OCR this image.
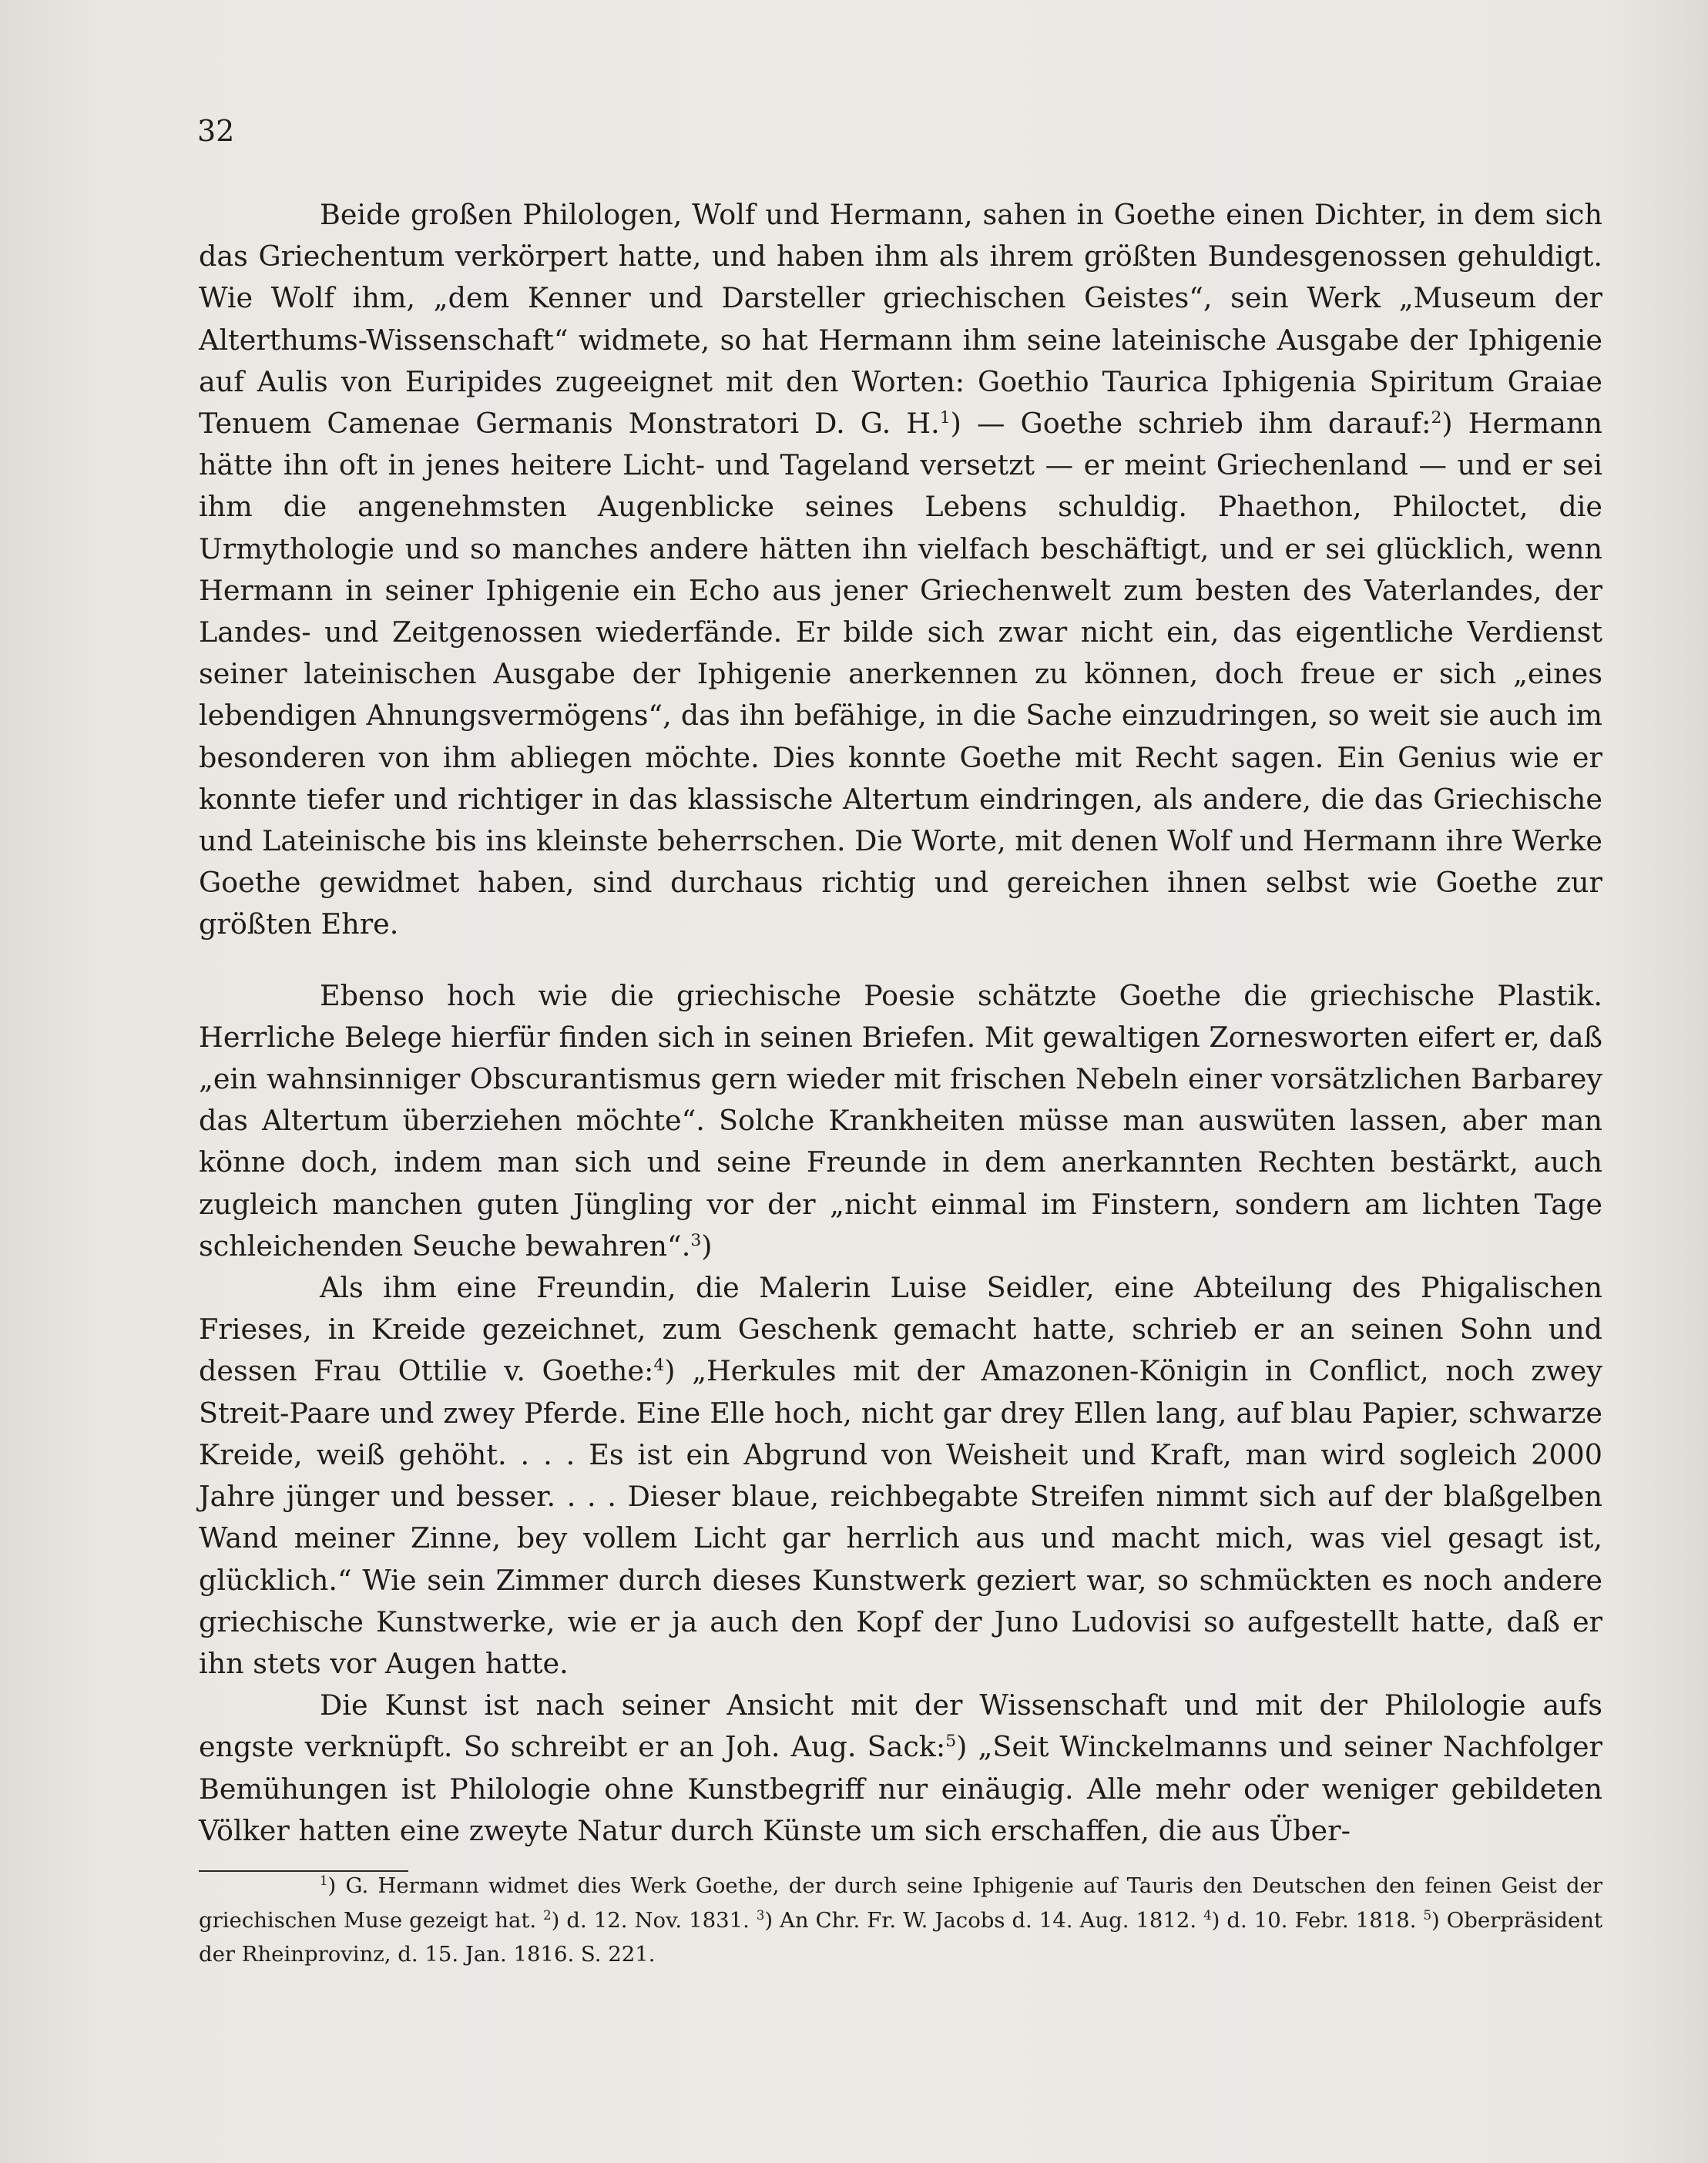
32

Beide großen Philologen, Wolf und Hermann, sahen in Goethe einen Dichter, in dem sich das Griechentum verkörpert hatte, und haben ihm als ihrem größten Bundesgenossen gehuldigt. Wie Wolf ihm, „dem Kenner und Darsteller griechischen Geistes“, sein Werk „Museum der Alterthums-Wissenschaft“ widmete, so hat Hermann ihm seine lateinische Ausgabe der Iphigenie auf Aulis von Euripides zugeeignet mit den Worten: Goethio Taurica Iphigenia Spiritum Graiae Tenuem Camenae Germanis Monstratori D. G. H.$^1$) — Goethe schrieb ihm darauf:$^2$) Hermann hätte ihn oft in jenes heitere Licht- und Tageland versetzt — er meint Griechenland — und er sei ihm die angenehmsten Augenblicke seines Lebens schuldig. Phaethon, Philoctet, die Urmythologie und so manches andere hätten ihn vielfach beschäftigt, und er sei glücklich, wenn Hermann in seiner Iphigenie ein Echo aus jener Griechenwelt zum besten des Vaterlandes, der Landes- und Zeitgenossen wiederfände. Er bilde sich zwar nicht ein, das eigentliche Verdienst seiner lateinischen Ausgabe der Iphigenie anerkennen zu können, doch freue er sich „eines lebendigen Ahnungsvermögens“, das ihn befähige, in die Sache einzudringen, so weit sie auch im besonderen von ihm abliegen möchte. Dies konnte Goethe mit Recht sagen. Ein Genius wie er konnte tiefer und richtiger in das klassische Altertum eindringen, als andere, die das Griechische und Lateinische bis ins kleinste beherrschen. Die Worte, mit denen Wolf und Hermann ihre Werke Goethe gewidmet haben, sind durchaus richtig und gereichen ihnen selbst wie Goethe zur größten Ehre.

Ebenso hoch wie die griechische Poesie schätzte Goethe die griechische Plastik. Herrliche Belege hierfür finden sich in seinen Briefen. Mit gewaltigen Zornesworten eifert er, daß „ein wahnsinniger Obscurantismus gern wieder mit frischen Nebeln einer vorsätzlichen Barbarey das Altertum überziehen möchte“. Solche Krankheiten müsse man auswüten lassen, aber man könne doch, indem man sich und seine Freunde in dem anerkannten Rechten bestärkt, auch zugleich manchen guten Jüngling vor der „nicht einmal im Finstern, sondern am lichten Tage schleichenden Seuche bewahren“.$^3$)

Als ihm eine Freundin, die Malerin Luise Seidler, eine Abteilung des Phigalischen Frieses, in Kreide gezeichnet, zum Geschenk gemacht hatte, schrieb er an seinen Sohn und dessen Frau Ottilie v. Goethe:$^4$) „Herkules mit der Amazonen-Königin in Conflict, noch zwey Streit-Paare und zwey Pferde. Eine Elle hoch, nicht gar drey Ellen lang, auf blau Papier, schwarze Kreide, weiß gehöht. . . . Es ist ein Abgrund von Weisheit und Kraft, man wird sogleich 2000 Jahre jünger und besser. . . . Dieser blaue, reichbegabte Streifen nimmt sich auf der blaßgelben Wand meiner Zinne, bey vollem Licht gar herrlich aus und macht mich, was viel gesagt ist, glücklich.“ Wie sein Zimmer durch dieses Kunstwerk geziert war, so schmückten es noch andere griechische Kunstwerke, wie er ja auch den Kopf der Juno Ludovisi so aufgestellt hatte, daß er ihn stets vor Augen hatte.

Die Kunst ist nach seiner Ansicht mit der Wissenschaft und mit der Philologie aufs engste verknüpft. So schreibt er an Joh. Aug. Sack:$^5$) „Seit Winckelmanns und seiner Nachfolger Bemühungen ist Philologie ohne Kunstbegriff nur einäugig. Alle mehr oder weniger gebildeten Völker hatten eine zweyte Natur durch Künste um sich erschaffen, die aus Über-

$^1$) G. Hermann widmet dies Werk Goethe, der durch seine Iphigenie auf Tauris den Deutschen den feinen Geist der griechischen Muse gezeigt hat. $^2$) d. 12. Nov. 1831. $^3$) An Chr. Fr. W. Jacobs d. 14. Aug. 1812. $^4$) d. 10. Febr. 1818. $^5$) Oberpräsident der Rheinprovinz, d. 15. Jan. 1816. S. 221.
